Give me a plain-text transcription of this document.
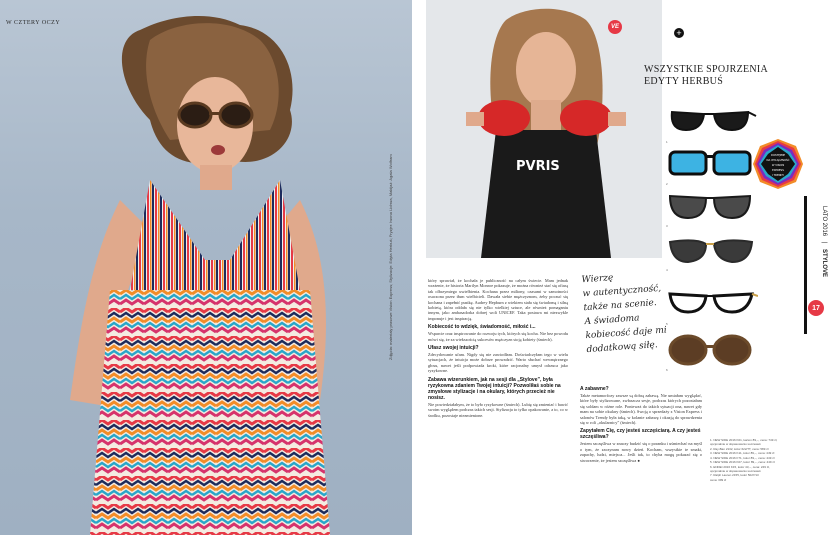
W CZTERY OCZY
Zdjęcia: materiały prasowe Vision Express; Stylizacje: Edyta Herbuś; Fryzjer: Iwona Lichwa, Makijaż: Agata Wolfram	PVRIS
VE
+
WSZYSTKIE SPOJRZENIA
EDYTY HERBUŚ
1
2
3
4
5
6
DOSTĘPNE
NA WYŁĄCZNOŚĆ
W VISION
EXPRESS
I TRENDY
LATO 2016 | STYLOVE
17

który sprawiał, że kochała je publiczność na całym świecie. Mam jednak wrażenie, że historia Marilyn Monroe pokazuje, że można również stać się ofiarą tak olbrzymiego uwielbienia. Kochana przez miliony, czasami w samotności osaczona przez tłum wielbicieli. Dawała siebie mężczyznom, żeby poczuć się kochana i zapełnić pustkę. Audrey Hepburn z wiekiem stała się świadomą i silną kobietą, która oddała się nie tylko wielkiej sztuce, ale również pomaganiu innym, jako ambasadorka dobrej woli UNICEF. Taka postawa mi niezwykle imponuje i jest inspiracją.

Kobiecość to wdzięk, świadomość, miłość i...

Wsparcie oraz inspirowanie do rozwoju tych, których się kocha. Nie bez powodu mówi się, że za wiekszością sukcesów mężczyzn stoją kobiety (śmiech).

Ufasz swojej intuicji?

Zdecydowanie ufam. Nigdy się nie zawiodłam. Doświadczyłam tego w wielu sytuacjach, że intuicja może dobrze prowadzić. Warto słuchać wewnętrznego głosu, nawet jeśli podpowiada kroki, które racjonalny umysł odrzuca jako ryzykowne.

Zabawa wizerunkiem, jak na sesji dla „Stylove”, była ryzykowna zdaniem Twojej intuicji? Pozwoliłaś sobie na zmysłowe stylizacje i na okulary, których przecież nie nosisz.

Nie powiedziałabym, że to było ryzykowne (śmiech). Lubię się zmieniać i bawić swoim wyglądem podczas takich sesji. Stylizacja to tylko opakowanie, a to, co w środku, pozostaje niezmienione.

Wierzę
w autentyczność,
także na scenie.
A świadoma
kobiecość daje mi
dodatkową siłę.
A zabawne?

Także metamorfozy zawsze są dobrą zabawą. Nie umiałam wyglądać, które były stylizowane, zwłaszcza sesje, podczas których pozostałam się soldam w różne role. Ponieważ do takich sytuacji ona, nawet gdy mam na sobie okulary (śmiech). Swoją o sprzedaży z Vision Express i salonów Trendy była taką, w kolanie zabawę i okazją do sprawdzenia się w roli „okularnicy” (śmiech).

Zapytałem Cię, czy jesteś szczęściarą. A czy jesteś szczęśliwa?

Jestem szczęśliwa w znaczy budzić się o poranku i uśmiechać na myśl o tym, że zaczynam nowy dzień. Kocham, wszystkie te smaki, zapachy, ludzi, miejsca... Jeśli tak, to chyba mogę pokazać się o stworzenie, że jestem szczęśliwa ●

1. NEW SIDE 2016 K01, karton 89,–, cena: 749 zł, opcjonalnie w dopasowaniu soczewek
2. Ray-Ban 2132, kolor 622/7T, cena: 589 zł
3. NEW SIDE 2016 K11, kolor 89,–, cena: 449 zł
4. NEW SIDE 2016 F71, kolor 89,–, cena: 449 zł
5. NEW SIDE 2016 K07, kolor 89,–, cena: 449 zł
6. ENDEI 2016 K15, kolor 43,–, cena: 249 zł, opcjonalnie w dopasowaniu soczewek
7. Ralph Lauren 2155, kolor 5027/13
cena: 399 zł
